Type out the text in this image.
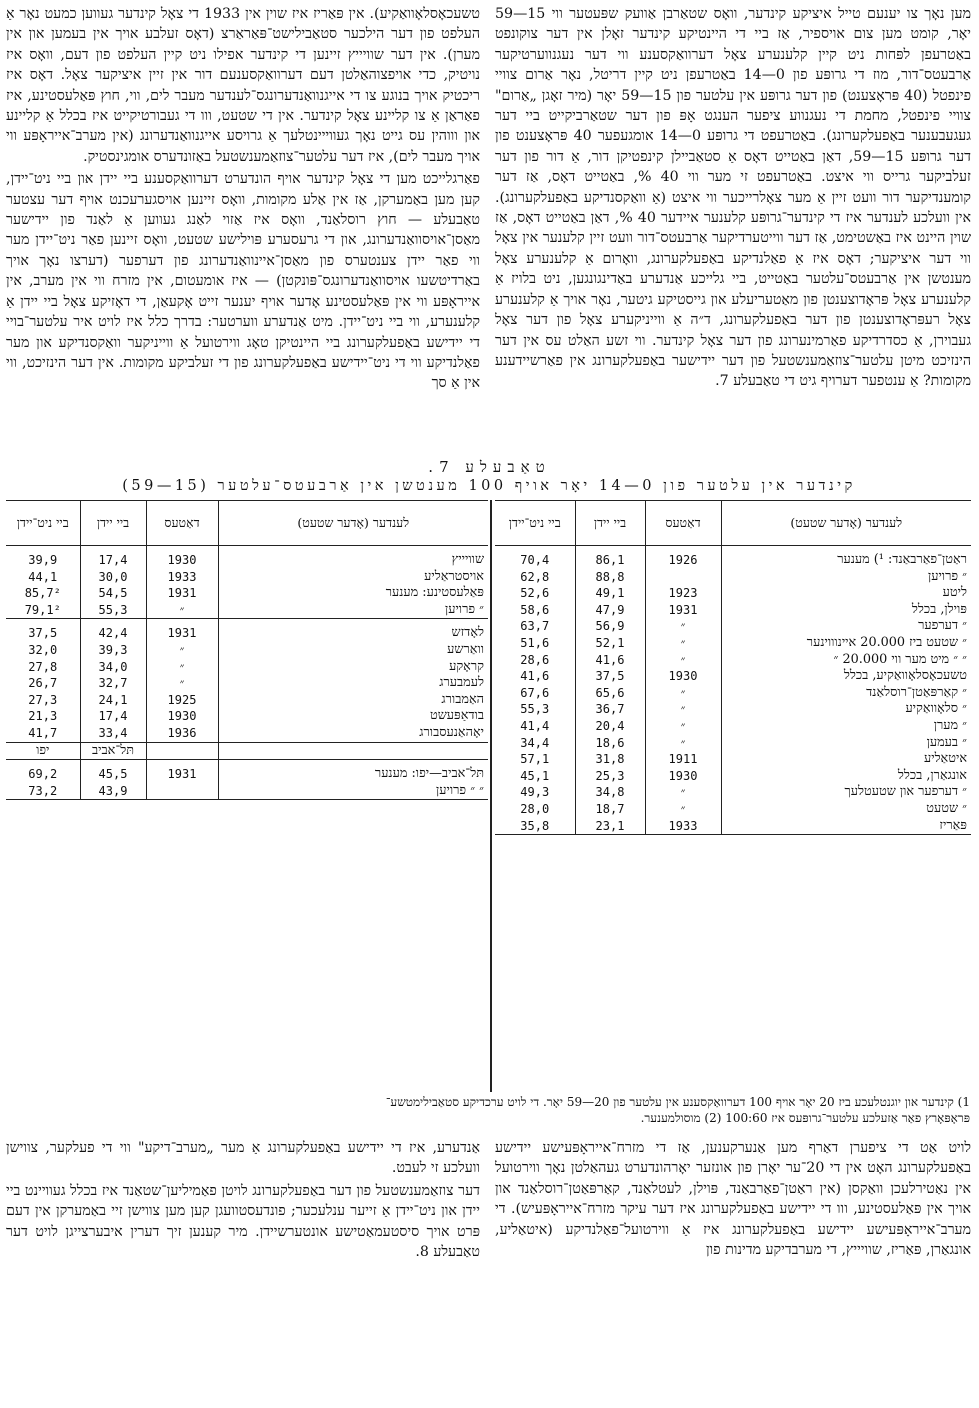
מען נאָך צו יענעם טייל איציקע קינדער, וואָס שטאַרבן אַוועק שפּעטער ווי 15—59 יאָר, קומט מען צום אויספיר, אַז ביי די היינטיקע קינדער זאָלן אין דער צוקונפט באַטרעפן לפּחות ניט קיין קלענערע צאָל דערוואַקסענע ווי דער נעגנווערטיקער אַרבעטס־דור, מוז די גרופּע פון 0—14 באַטרעפן ניט קיין דריטל, נאָר אַרום צוויי פינפטל (40 פּראָצענט) פון דער גרופּע אין עלטער פון 15—59 יאָר (מיר זאָגן „אַרום" צוויי פינפטל, מחמת די נעגנווע ציפער הענגט אָפּ פון דער שטאַרביקייט ביי דער געגעבענער באַפעלקערונג). באַטרעפט די גרופּע 0—14 אומגעפער 40 פּראָצענט פון דער גרופּע 15—59, דאַן באַטייט דאָס אַ סטאַביילן קינפטיקן דור, אַ דור פון דער זעלביקער גרייס ווי איצט. באַטרעפט זי מער ווי 40 %, באַטייט דאָס, אַז דער קומענדיקער דור וועט זיין אַ מער צאָלרייכער ווי איצט (אַ וואַקסנדיקע באַפעלקערונג). אין וועלכע לענדער איז די קינדער־גרופּע קלענער איידער 40 %, דאַן באַטייט דאָס, אַז שוין היינט איז באַשטימט, אַז דער ווייטערדיקער אַרבעטס־דור וועט זיין קלענער אין צאָל ווי דער איציקער; דאָס איז אַ פאַלנדיקע באַפעלקערונג, וואָרום אַ קלענערע צאָל מענטשן אין אַרבעטס־עלטער באַטייט, ביי גלייכע אַנדערע באַדינגונגען, ניט בלויז אַ קלענערע צאָל פּראָדוצענטן פון מאַטעריעלע און גייסטיקע גיטער, נאָר אויך אַ קלענערע צאָל רעפּראָדוצענטן פון דער באַפעלקערונג, ד״ה אַ ווייניקערע צאָל פון דער צאָל געבוירן, אַ כסדרדיקע פאַרמינערונג פון דער צאָל קינדער. ווי זשע האַלט עס אין דער הינזיכט מיטן עלטער־צוזאַמענשטעל פון דער יידישער באַפעלקערונג אין פאַרשיידענע מקומות? אַ ענטפער דערויף גיט די טאַבעלע 7.

טשעכאָסלאָוואַקיע). אין פּאַריז איז שוין אין 1933 די צאָל קינדער געווען כמעט נאָר אַ העלפט פון דער הילכער סטאַבילישט־פּאַראַרצ (דאָס זעלבע אויך אין בעמען און אין מערן). אין דער שוויייץ זיינען די קינדער אפילו ניט קיין העלפט פון דעם, וואָס איז נויטיק, כדי אויפצוהאַלטן דעם דערוואַקסענעם דור אין זיין איציקער צאָל. דאָס איז ריכטיק אויך בנוגע צו די אייגנוואַנדערונגס־לענדער מעבר לים, ווי, חוץ פּאַלעסטינע, איז פאַראַן אַ צו קליינע צאָל קינדער. אין די שטעט, ווו די געבורטיקייט איז בכלל אַ קליינע און וווהין עס גייט נאָך געווייינטלעך אַ גרויסע אייגנוואַנדערונג (אין מערב־אייראָפּע ווי אויך מעבר לים), איז דער עלטער־צוזאַמענשטעל באַזונדערס אומגינסטיק.

פאַרגלייכט מען די צאָל קינדער אויף הונדערט דערוואַקסענע ביי יידן און ביי ניט־יידן, קען מען באַמערקן, אַז אין אַלע מקומות, וואָס זיינען אויסגערעכנט אויף דער עצטער טאַבעלע — חוץ רוסלאַנד, וואָס איז אַזוי לאַנג געווען אַ לאַנד פון יידישער מאַסן־אויסוואַנדערונג, און די גרעסערע פּוילישע שטעט, וואָס זיינען פאַר ניט־יידן מער ווי פאַר יידן צענטערס פון מאַסן־איינוואַנדערונג פון דערפער (דערצו נאָך אויך באַרדיטשעו אויסוואַנדערונגס־פּונקטן) — איז אומעטום, אין מזרח ווי אין מערב, אין אייראָפּע ווי אין פּאַלעסטינע אָדער אויף יענער זייט אָקעאַן, די דאָזיקע צאָל ביי יידן אַ קלענערע, ווי ביי ניט־יידן. מיט אַנדערע ווערטער: בדרך כלל איז לויט איר עלטער־בויי די יידישע באַפעלקערונג ביי היינטיקן טאָג ווירטועל אַ ווייניקער וואַקסנדיקע און מער פאַלנדיקע ווי די ניט־יידישע באַפעלקערונג פון די זעלביקע מקומות. אין דער הינזיכט, ווי אין אַ סך

טאַבעלע 7.
קינדער אין עלטער פון 0—14 יאָר אויף 100 מענטשן אין אַרבעטס־עלטער (15—59)
לענדער (אָדער שטעט)	דאַטעס	ביי יידן	ביי ניט־יידן
ראַטן־פאַרבאַנד: ¹) מענער	1926	86,1	70,4
״ פרויען		88,8	62,8
ליטע	1923	49,1	52,6
פּוילן, בכלל	1931	47,9	58,6
״ דערפער	״	56,9	63,7
״ שטעט ביז 20.000 איינוווינער	״	52,1	51,6
״ ״ מיט מער ווי 20.000 ״	״	41,6	28,6
טשעכאָסלאָוואַקיע, בכלל	1930	37,5	41,6
״ קאַרפּאַטן־רוסלאַנד	״	65,6	67,6
״ סלאָוואַקיע	״	36,7	55,3
״ מערן	״	20,4	41,4
״ בעמען	״	18,6	34,4
איטאַליע	1911	31,8	57,1
אונגאַרן, בכלל	1930	25,3	45,1
״ דערפער און שטעטלעך	״	34,8	49,3
״ שטעט	״	18,7	28,0
פּאַריז	1933	23,1	35,8
לענדער (אָדער שטעט)	דאַטעס	ביי יידן	ביי ניט־יידן
שוויייץ	1930	17,4	39,9
אויסטראַליע	1933	30,0	44,1
פּאַלעסטינע: מענער	1931	54,5	85,7²
״ פרויען	״	55,3	79,1²
לאָדזש	1931	42,4	37,5
וואַרשע	״	39,3	32,0
קראָקע	״	34,0	27,8
לעמבערג	״	32,7	26,7
האַמבורג	1925	24,1	27,3
בודאַפּעשט	1930	17,4	21,3
יאָהאַנעסבורג	1936	33,4	41,7
		תּל־אביב	יפו
תּל־אביב—יפו: מענער	1931	45,5	69,2
״ ״ פרויען		43,9	73,2
1) קינדער און יוגנטלעכע ביז 20 יאָר אויף 100 דערוואַקסענע אין עלטער פון 20—59 יאָר. די לויט ערכדיקע סטאַבילימטשע־
פּראָפּאָרץ פאַר אַזעלכע עלטער־גרופּעס איז 100:60 (2) מוסולמענער.

לויט אַט די ציפערן דאַרף מען אַנערקענען, אַז די מזרח־אייראָפּעישע יידישע באַפעלקערונג האָט אין די 20־ער יאָרן פון אונזער יאָרהונדערט געהאַלטן נאָך ווירטועל אין נאַטירלעכן וואַקסן (אין ראַטן־פאַרבאַנד, פּוילן, לעטלאַנד, קאַרפּאַטן־רוסלאַנד און אויך אין פּאַלעסטינע, ווו די יידישע באַפעלקערונג איז דער עיקר מזרח־אייראָפּעיש). די מערב־אייראָפּעישע יידישע באַפעלקערונג איז אַ ווירטועל־פאַלנדיקע (איטאַליע, אונגאַרן, פּאַריז, שוויייץ, די מערבדיקע מדינות פון

אַנדערע, איז די יידישע באַפעלקערונג אַ מער „מערב־דיקע" ווי די פעלקער, צווישן וועלכע זי לעבט.

דער צוזאַמענשטעל פון דער באַפעלקערונג לויטן פאַמיליען־שטאַנד איז בכלל געוויינט ביי יידן און ניט־יידן אַ זייער ענלעכער; פונדעסטוועגן קען מען צווישן זיי באַמערקן אין דעם פּרט אויך סיסטעמאַטישע אונטערשיידן. מיר קענען זיך דערין איבערצייגן לויט דער טאַבעלע 8.
